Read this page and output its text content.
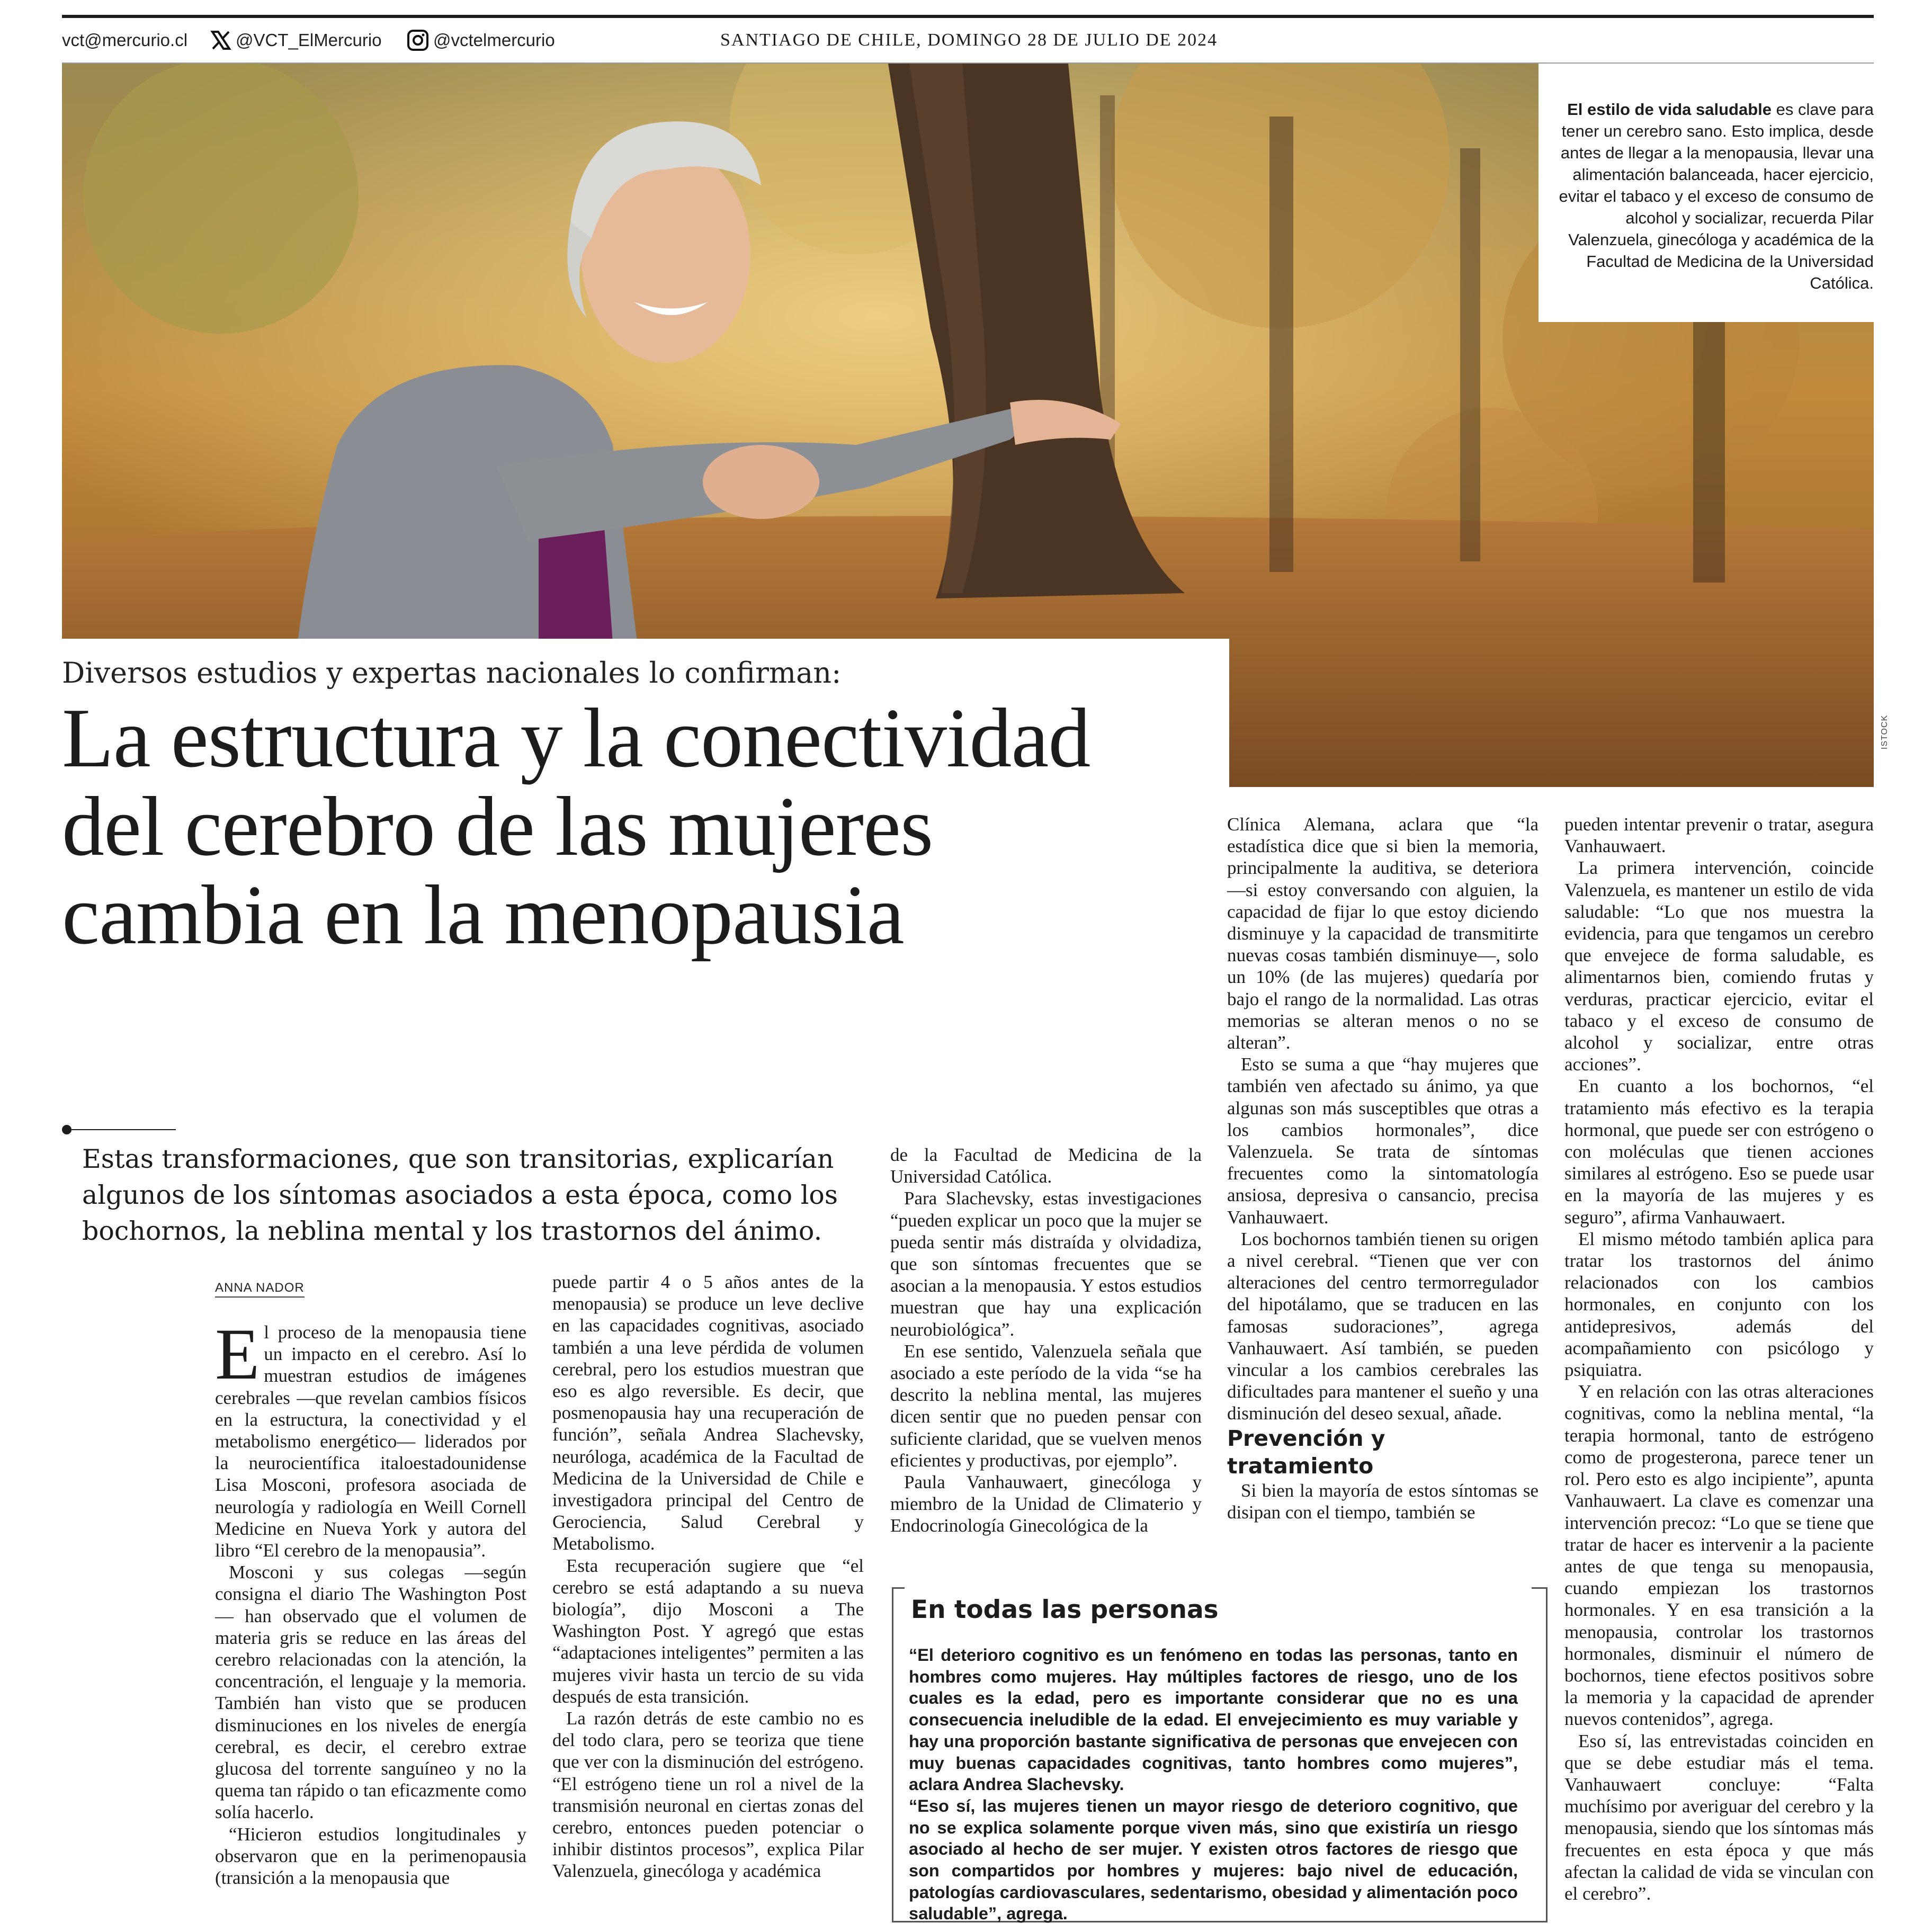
vct@mercurio.cl	@VCT_ElMercurio	@vctelmercurio	SANTIAGO DE CHILE, DOMINGO 28 DE JULIO DE 2024
El estilo de vida saludable es clave para tener un cerebro sano. Esto implica, desde antes de llegar a la menopausia, llevar una alimentación balanceada, hacer ejercicio, evitar el tabaco y el exceso de consumo de alcohol y socializar, recuerda Pilar Valenzuela, ginecóloga y académica de la Facultad de Medicina de la Universidad Católica.
ISTOCK
Diversos estudios y expertas nacionales lo confirman:
La estructura y la conectividad del cerebro de las mujeres cambia en la menopausia
Estas transformaciones, que son transitorias, explicarían algunos de los síntomas asociados a esta época, como los bochornos, la neblina mental y los trastornos del ánimo.
ANNA NADOR

El proceso de la menopausia tiene un impacto en el cerebro. Así lo muestran estudios de imágenes cerebrales —que revelan cambios físicos en la estructura, la conectividad y el metabolismo energético— liderados por la neurocientífica italoestadounidense Lisa Mosconi, profesora asociada de neurología y radiología en Weill Cornell Medicine en Nueva York y autora del libro “El cerebro de la menopausia”.

Mosconi y sus colegas —según consigna el diario The Washington Post— han observado que el volumen de materia gris se reduce en las áreas del cerebro relacionadas con la atención, la concentración, el lenguaje y la memoria. También han visto que se producen disminuciones en los niveles de energía cerebral, es decir, el cerebro extrae glucosa del torrente sanguíneo y no la quema tan rápido o tan eficazmente como solía hacerlo.

“Hicieron estudios longitudinales y observaron que en la perimenopausia (transición a la menopausia que

puede partir 4 o 5 años antes de la menopausia) se produce un leve declive en las capacidades cognitivas, asociado también a una leve pérdida de volumen cerebral, pero los estudios muestran que eso es algo reversible. Es decir, que posmenopausia hay una recuperación de función”, señala Andrea Slachevsky, neuróloga, académica de la Facultad de Medicina de la Universidad de Chile e investigadora principal del Centro de Gerociencia, Salud Cerebral y Metabolismo.

Esta recuperación sugiere que “el cerebro se está adaptando a su nueva biología”, dijo Mosconi a The Washington Post. Y agregó que estas “adaptaciones inteligentes” permiten a las mujeres vivir hasta un tercio de su vida después de esta transición.

La razón detrás de este cambio no es del todo clara, pero se teoriza que tiene que ver con la disminución del estrógeno. “El estrógeno tiene un rol a nivel de la transmisión neuronal en ciertas zonas del cerebro, entonces pueden potenciar o inhibir distintos procesos”, explica Pilar Valenzuela, ginecóloga y académica

de la Facultad de Medicina de la Universidad Católica.

Para Slachevsky, estas investigaciones “pueden explicar un poco que la mujer se pueda sentir más distraída y olvidadiza, que son síntomas frecuentes que se asocian a la menopausia. Y estos estudios muestran que hay una explicación neurobiológica”.

En ese sentido, Valenzuela señala que asociado a este período de la vida “se ha descrito la neblina mental, las mujeres dicen sentir que no pueden pensar con suficiente claridad, que se vuelven menos eficientes y productivas, por ejemplo”.

Paula Vanhauwaert, ginecóloga y miembro de la Unidad de Climaterio y Endocrinología Ginecológica de la

Clínica Alemana, aclara que “la estadística dice que si bien la memoria, principalmente la auditiva, se deteriora —si estoy conversando con alguien, la capacidad de fijar lo que estoy diciendo disminuye y la capacidad de transmitirte nuevas cosas también disminuye—, solo un 10% (de las mujeres) quedaría por bajo el rango de la normalidad. Las otras memorias se alteran menos o no se alteran”.

Esto se suma a que “hay mujeres que también ven afectado su ánimo, ya que algunas son más susceptibles que otras a los cambios hormonales”, dice Valenzuela. Se trata de síntomas frecuentes como la sintomatología ansiosa, depresiva o cansancio, precisa Vanhauwaert.

Los bochornos también tienen su origen a nivel cerebral. “Tienen que ver con alteraciones del centro termorregulador del hipotálamo, que se traducen en las famosas sudoraciones”, agrega Vanhauwaert. Así también, se pueden vincular a los cambios cerebrales las dificultades para mantener el sueño y una disminución del deseo sexual, añade.

Prevención y tratamiento

Si bien la mayoría de estos síntomas se disipan con el tiempo, también se

pueden intentar prevenir o tratar, asegura Vanhauwaert.

La primera intervención, coincide Valenzuela, es mantener un estilo de vida saludable: “Lo que nos muestra la evidencia, para que tengamos un cerebro que envejece de forma saludable, es alimentarnos bien, comiendo frutas y verduras, practicar ejercicio, evitar el tabaco y el exceso de consumo de alcohol y socializar, entre otras acciones”.

En cuanto a los bochornos, “el tratamiento más efectivo es la terapia hormonal, que puede ser con estrógeno o con moléculas que tienen acciones similares al estrógeno. Eso se puede usar en la mayoría de las mujeres y es seguro”, afirma Vanhauwaert.

El mismo método también aplica para tratar los trastornos del ánimo relacionados con los cambios hormonales, en conjunto con los antidepresivos, además del acompañamiento con psicólogo y psiquiatra.

Y en relación con las otras alteraciones cognitivas, como la neblina mental, “la terapia hormonal, tanto de estrógeno como de progesterona, parece tener un rol. Pero esto es algo incipiente”, apunta Vanhauwaert. La clave es comenzar una intervención precoz: “Lo que se tiene que tratar de hacer es intervenir a la paciente antes de que tenga su menopausia, cuando empiezan los trastornos hormonales. Y en esa transición a la menopausia, controlar los trastornos hormonales, disminuir el número de bochornos, tiene efectos positivos sobre la memoria y la capacidad de aprender nuevos contenidos”, agrega.

Eso sí, las entrevistadas coinciden en que se debe estudiar más el tema. Vanhauwaert concluye: “Falta muchísimo por averiguar del cerebro y la menopausia, siendo que los síntomas más frecuentes en esta época y que más afectan la calidad de vida se vinculan con el cerebro”.

En todas las personas

“El deterioro cognitivo es un fenómeno en todas las personas, tanto en hombres como mujeres. Hay múltiples factores de riesgo, uno de los cuales es la edad, pero es importante considerar que no es una consecuencia ineludible de la edad. El envejecimiento es muy variable y hay una proporción bastante significativa de personas que envejecen con muy buenas capacidades cognitivas, tanto hombres como mujeres”, aclara Andrea Slachevsky.

“Eso sí, las mujeres tienen un mayor riesgo de deterioro cognitivo, que no se explica solamente porque viven más, sino que existiría un riesgo asociado al hecho de ser mujer. Y existen otros factores de riesgo que son compartidos por hombres y mujeres: bajo nivel de educación, patologías cardiovasculares, sedentarismo, obesidad y alimentación poco saludable”, agrega.
